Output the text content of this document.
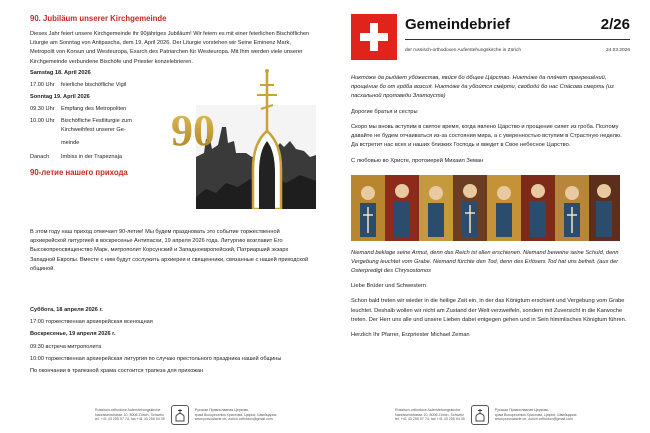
90. Jubiläum unserer Kirchgemeinde
Dieses Jahr feiert unsere Kirchgemeinde ihr 90jähriges Jubiläum! Wir feiern es mit einer feierlichen Bischöflichen Liturgie am Sonntag von Antipascha, dem 19. April 2026. Der Liturgie vorstehen wir Seine Eminenz Mark, Metropolit von Korsun und Westeuropa, Exarch des Patriarchen für Westeuropa. Mit Ihm werden viele unserer Kirchgemeinde verbundene Bischöfe und Priester konzelebrieren.
Samstag 18. April 2026
17.00 Uhr	feierliche bischöfliche Vigil
Sonntag 19. April 2026
09.30 Uhr	Empfang des Metropoliten
10.00 Uhr	Bischöfliche Festliturgie zum Kirchweihfest unserer Ge-
meinde
Danach	Imbiss in der Trapeznaja
90-летие нашего прихода
90
В этом году наш приход отмечает 90-летие! Мы будем праздновать это событие торжественной архиерейской литургией в воскресенье Антипасхи, 19 апреля 2026 года. Литургию возглавит Его Высокопреосвященство Марк, митрополит Корсунский и Западноевропейский, Патриарший экзарх Западной Европы. Вместе с ним будут сослужить архиереи и священники, связанные с нашей приходской общиной.
Суббота, 18 апреля 2026 г.
17:00 торжественная архиерейская всенощная
Воскресенье, 19 апреля 2026 г.
09:30 встреча митрополита
10:00 торжественная архиерейская литургия по случаю престольного праздника нашей общины
По окончании в трапезной храма состоится трапеза для прихожан
Russisch-orthodoxe Auferstehungskirche
Narzissenstrasse 10, 8006 Zürich, Schweiz
tel. +41 43 255 07 74, fax +41 43 255 94 35
Русская Православная Церковь
храм Воскресения Христова, Цюрих, Швейцария
www.pravoslavie.ch, zurich.orthodox@gmail.com
Gemeindebrief	2/26
der russisch-orthodoxen Auferstehungskirche in Zürich	24.03.2026
Никтόже да рыдáет убόжества, яви́ся бо óбщее Цáрство. Никтόже да плáчет прегреше́ний, прощéние бо от грóба возсия́. Никтόже да убои́тся смéрти, свободи́ бо нас Спáсова смерть (из пасхальной проповеди Златоуста)
Дорогие братья и сестры
Скоро мы вновь вступим в святое время, когда явлено Царство и прощение сияет из гроба. Поэтому давайте не будем отчаиваться из-за состояния мира, а с уверенностью вступим в Страстную неделю. Да встретит нас всех и наших близких Господь и введет в Свое небесное Царство.
С любовью во Христе, протоиерей Михаил Земан
Niemand beklage seine Armut, denn das Reich ist allen erschienen. Niemand beweine seine Schuld, denn Vergebung leuchtet vom Grabe. Niemand fürchte den Tod, denn des Erlösers Tod hat uns befreit. (aus der Osterpredigt des Chrysostomos
Liebe Brüder und Schwestern
Schon bald treten wir wieder in die heilige Zeit ein, in der das Königtum erschient und Vergebung vom Grabe leuchtet. Deshalb wollen wir nicht am Zustand der Welt verzweifeln, sondern mit Zuversicht in die Karwoche treten. Der Herr uns alle und unsere Lieben dabei entgegen gehen und in Sein himmlisches Königtum führen.
Herzlich Ihr Pfarrer, Erzpriester Michael Zeman
Russisch-orthodoxe Auferstehungskirche
Narzissenstrasse 10, 8006 Zürich, Schweiz
tel. +41 43 255 07 74, fax +41 43 255 94 35
Русская Православная Церковь
храм Воскресения Христова, Цюрих, Швейцария
www.pravoslavie.ch, zurich.orthodox@gmail.com
